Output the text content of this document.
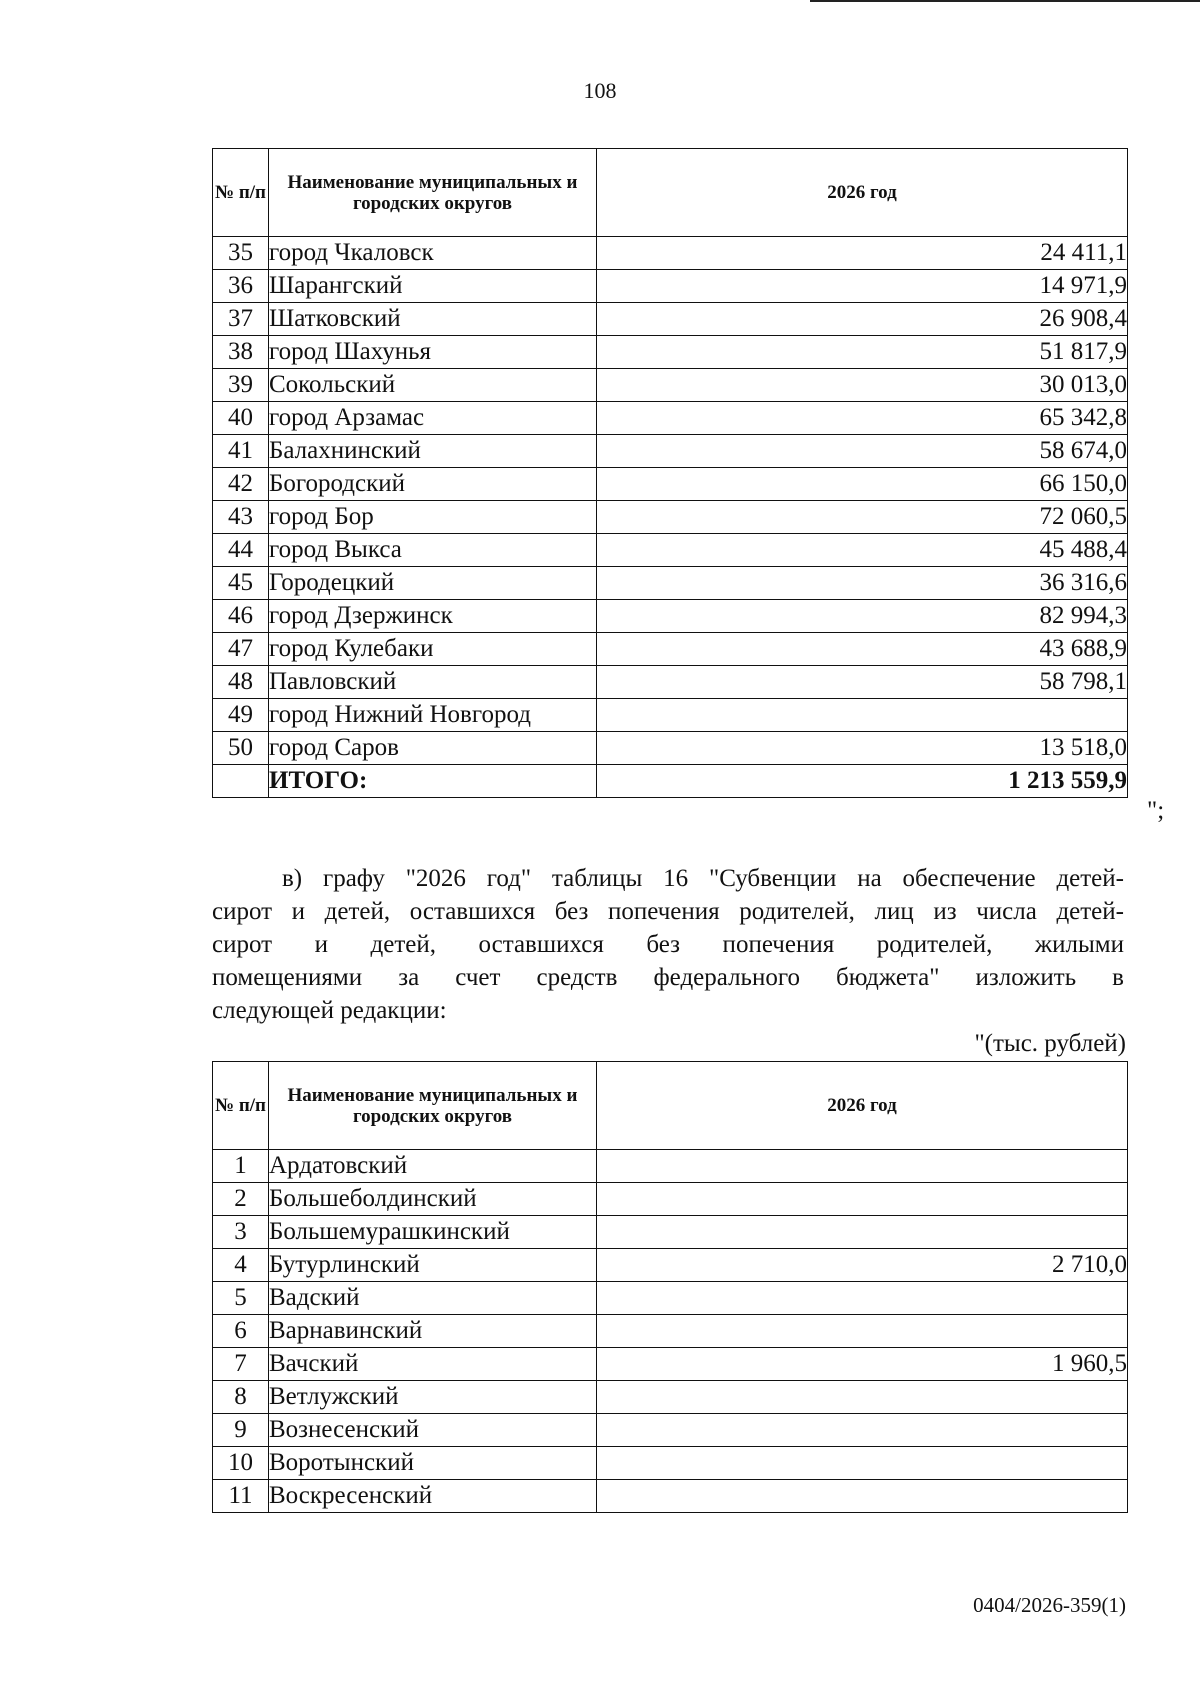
108
№ п/п	Наименование муниципальных и городских округов	2026 год
35	город Чкаловск	24 411,1
36	Шарангский	14 971,9
37	Шатковский	26 908,4
38	город Шахунья	51 817,9
39	Сокольский	30 013,0
40	город Арзамас	65 342,8
41	Балахнинский	58 674,0
42	Богородский	66 150,0
43	город Бор	72 060,5
44	город Выкса	45 488,4
45	Городецкий	36 316,6
46	город Дзержинск	82 994,3
47	город Кулебаки	43 688,9
48	Павловский	58 798,1
49	город Нижний Новгород	
50	город Саров	13 518,0
	ИТОГО:	1 213 559,9
";

в) графу "2026 год" таблицы 16 "Субвенции на обеспечение детей-

сирот и детей, оставшихся без попечения родителей, лиц из числа детей-

сирот и детей, оставшихся без попечения родителей, жилыми

помещениями за счет средств федерального бюджета" изложить в

следующей редакции:

"(тыс. рублей)
№ п/п	Наименование муниципальных и городских округов	2026 год
1	Ардатовский	
2	Большеболдинский	
3	Большемурашкинский	
4	Бутурлинский	2 710,0
5	Вадский	
6	Варнавинский	
7	Вачский	1 960,5
8	Ветлужский	
9	Вознесенский	
10	Воротынский	
11	Воскресенский	
0404/2026-359(1)
